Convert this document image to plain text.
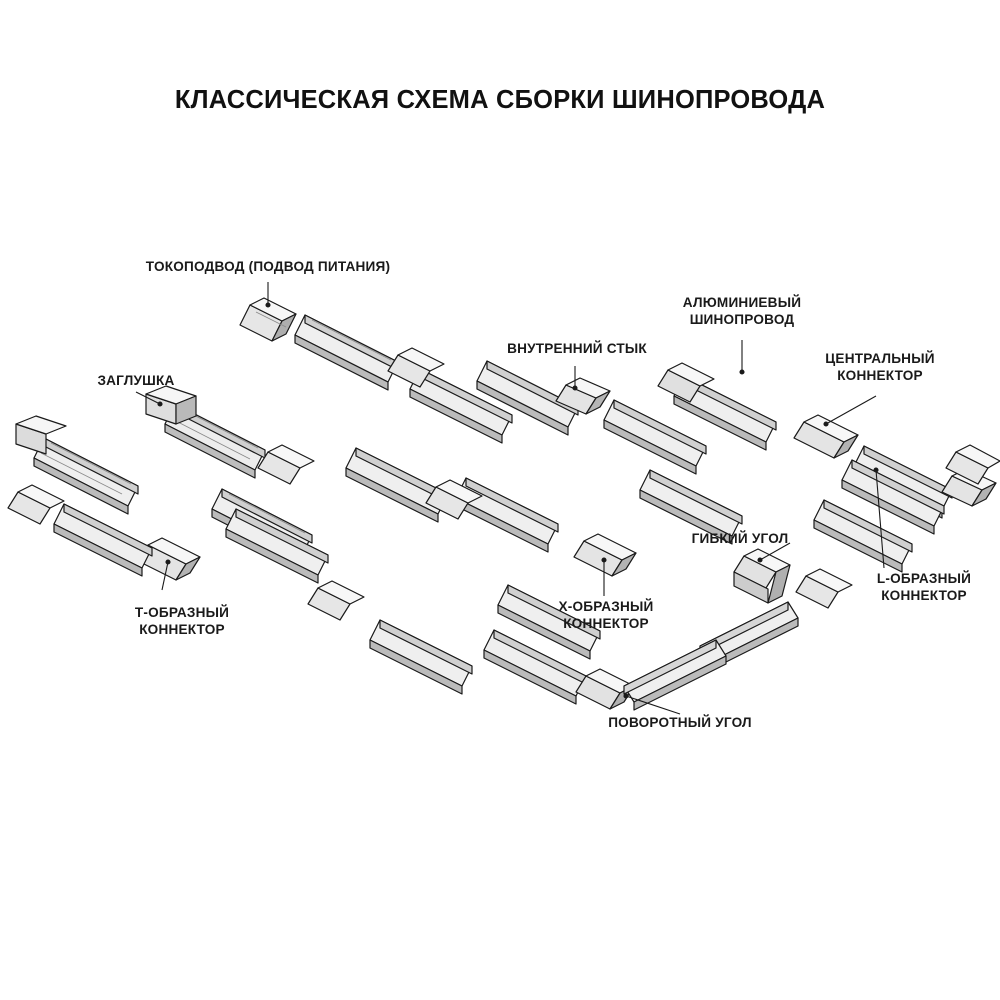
КЛАССИЧЕСКАЯ СХЕМА СБОРКИ ШИНОПРОВОДА
ТОКОПОДВОД (ПОДВОД ПИТАНИЯ)
АЛЮМИНИЕВЫЙ
ШИНОПРОВОД
ВНУТРЕННИЙ СТЫК
ЦЕНТРАЛЬНЫЙ
КОННЕКТОР
ЗАГЛУШКА
ГИБКИЙ УГОЛ
L-ОБРАЗНЫЙ
КОННЕКТОР
Т-ОБРАЗНЫЙ
КОННЕКТОР
Х-ОБРАЗНЫЙ
КОННЕКТОР
ПОВОРОТНЫЙ УГОЛ
